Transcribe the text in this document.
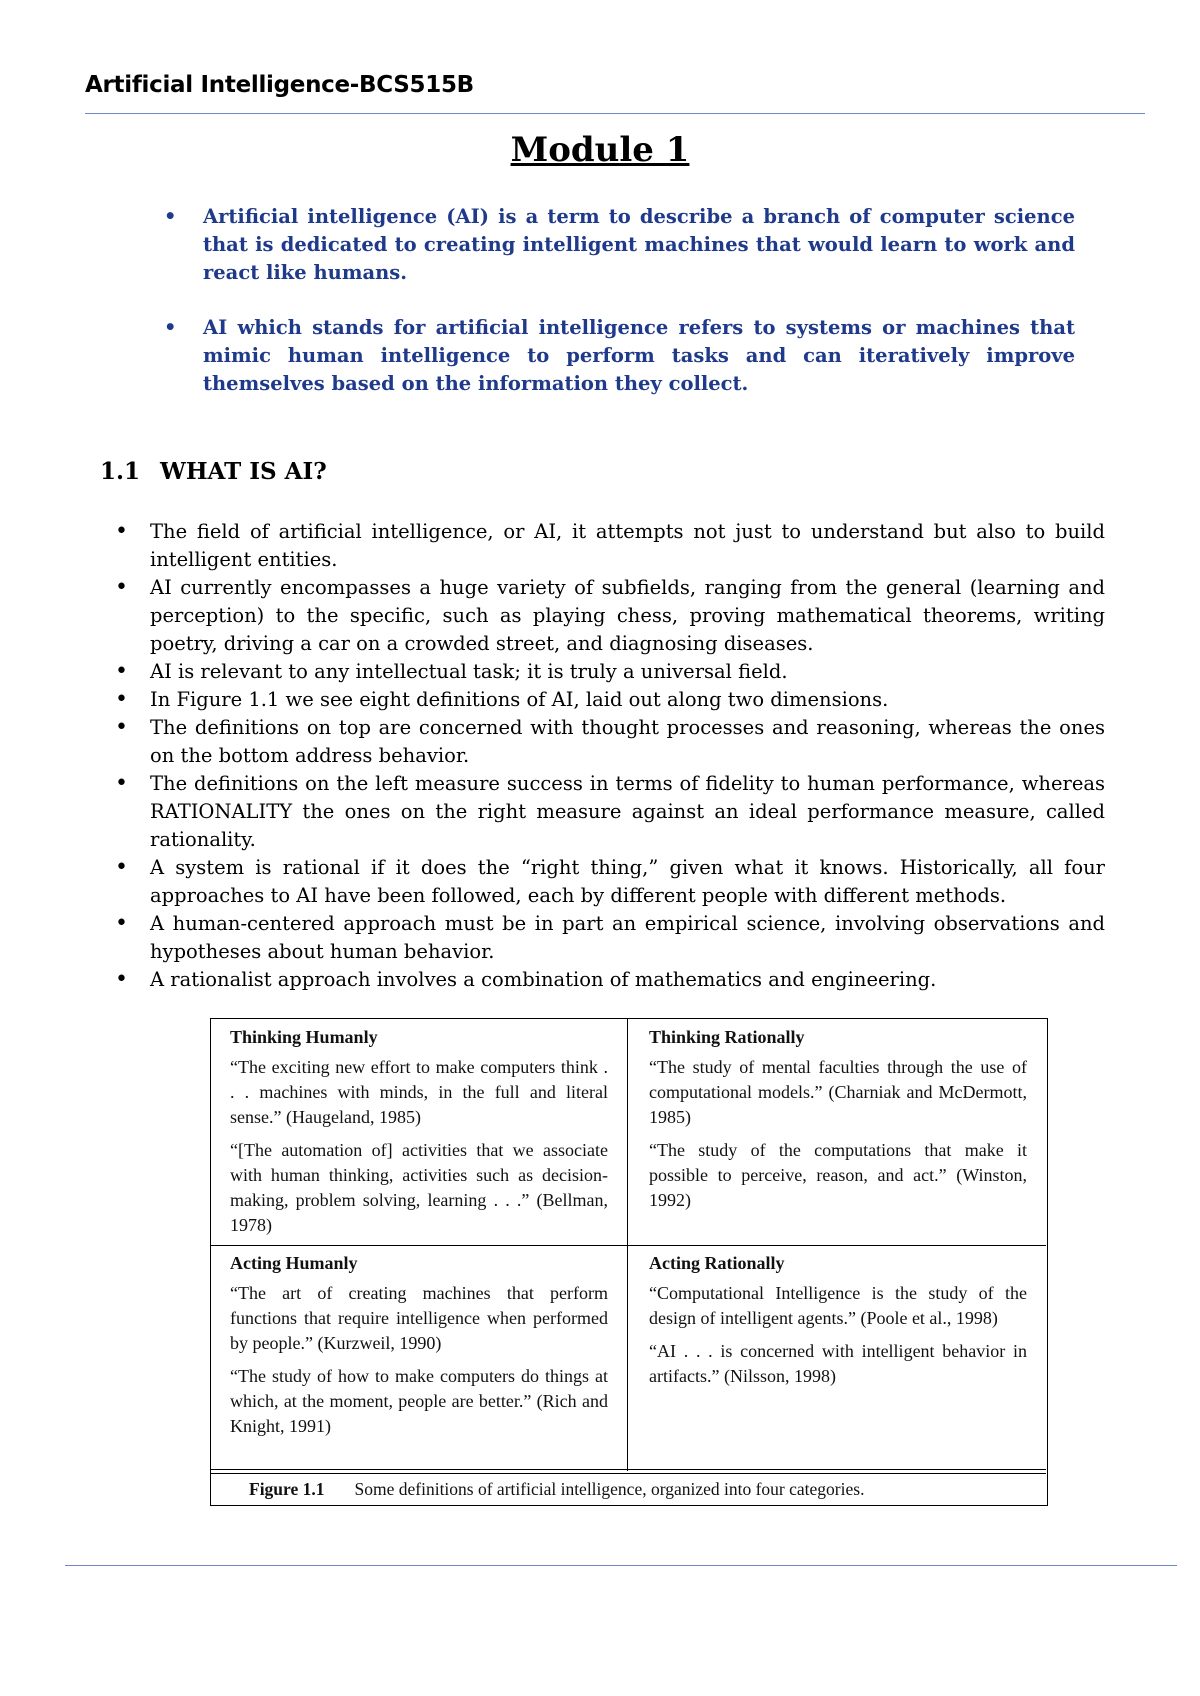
Artificial Intelligence-BCS515B
Module 1
• Artificial intelligence (AI) is a term to describe a branch of computer science that is dedicated to creating intelligent machines that would learn to work and react like humans.
• AI which stands for artificial intelligence refers to systems or machines that mimic human intelligence to perform tasks and can iteratively improve themselves based on the information they collect.
1.1 WHAT IS AI?
• The field of artificial intelligence, or AI, it attempts not just to understand but also to build intelligent entities.
• AI currently encompasses a huge variety of subfields, ranging from the general (learning and perception) to the specific, such as playing chess, proving mathematical theorems, writing poetry, driving a car on a crowded street, and diagnosing diseases.
• AI is relevant to any intellectual task; it is truly a universal field.
• In Figure 1.1 we see eight definitions of AI, laid out along two dimensions.
• The definitions on top are concerned with thought processes and reasoning, whereas the ones on the bottom address behavior.
• The definitions on the left measure success in terms of fidelity to human performance, whereas RATIONALITY the ones on the right measure against an ideal performance measure, called rationality.
• A system is rational if it does the “right thing,” given what it knows. Historically, all four approaches to AI have been followed, each by different people with different methods.
• A human-centered approach must be in part an empirical science, involving observations and hypotheses about human behavior.
• A rationalist approach involves a combination of mathematics and engineering.
Thinking Humanly

“The exciting new effort to make computers think . . . machines with minds, in the full and literal sense.” (Haugeland, 1985)

“[The automation of] activities that we associate with human thinking, activities such as decision-making, problem solving, learning . . .” (Bellman, 1978)

Thinking Rationally

“The study of mental faculties through the use of computational models.” (Charniak and McDermott, 1985)

“The study of the computations that make it possible to perceive, reason, and act.” (Winston, 1992)

Acting Humanly

“The art of creating machines that perform functions that require intelligence when performed by people.” (Kurzweil, 1990)

“The study of how to make computers do things at which, at the moment, people are better.” (Rich and Knight, 1991)

Acting Rationally

“Computational Intelligence is the study of the design of intelligent agents.” (Poole et al., 1998)

“AI . . . is concerned with intelligent behavior in artifacts.” (Nilsson, 1998)

Figure 1.1 Some definitions of artificial intelligence, organized into four categories.
